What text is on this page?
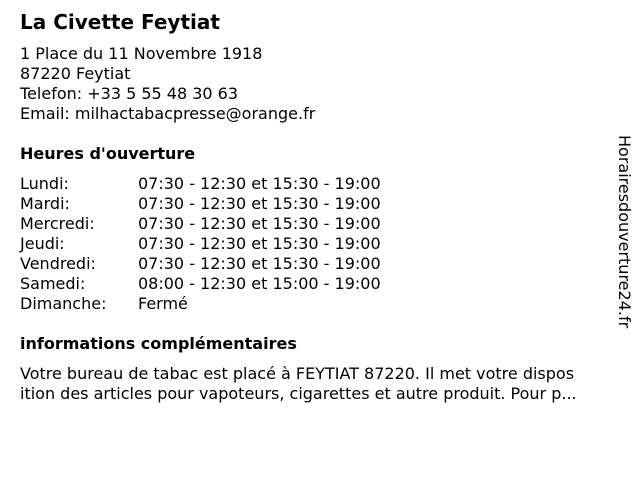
La Civette Feytiat
1 Place du 11 Novembre 1918
87220 Feytiat
Telefon: +33 5 55 48 30 63
Email: milhactabacpresse@orange.fr
Heures d'ouverture
Lundi:	07:30 - 12:30 et 15:30 - 19:00
Mardi:	07:30 - 12:30 et 15:30 - 19:00
Mercredi:	07:30 - 12:30 et 15:30 - 19:00
Jeudi:	07:30 - 12:30 et 15:30 - 19:00
Vendredi:	07:30 - 12:30 et 15:30 - 19:00
Samedi:	08:00 - 12:30 et 15:00 - 19:00
Dimanche: Fermé
informations complémentaires
Votre bureau de tabac est placé à FEYTIAT 87220. Il met votre dispos
ition des articles pour vapoteurs, cigarettes et autre produit. Pour p...
Horairesdouverture24.fr
